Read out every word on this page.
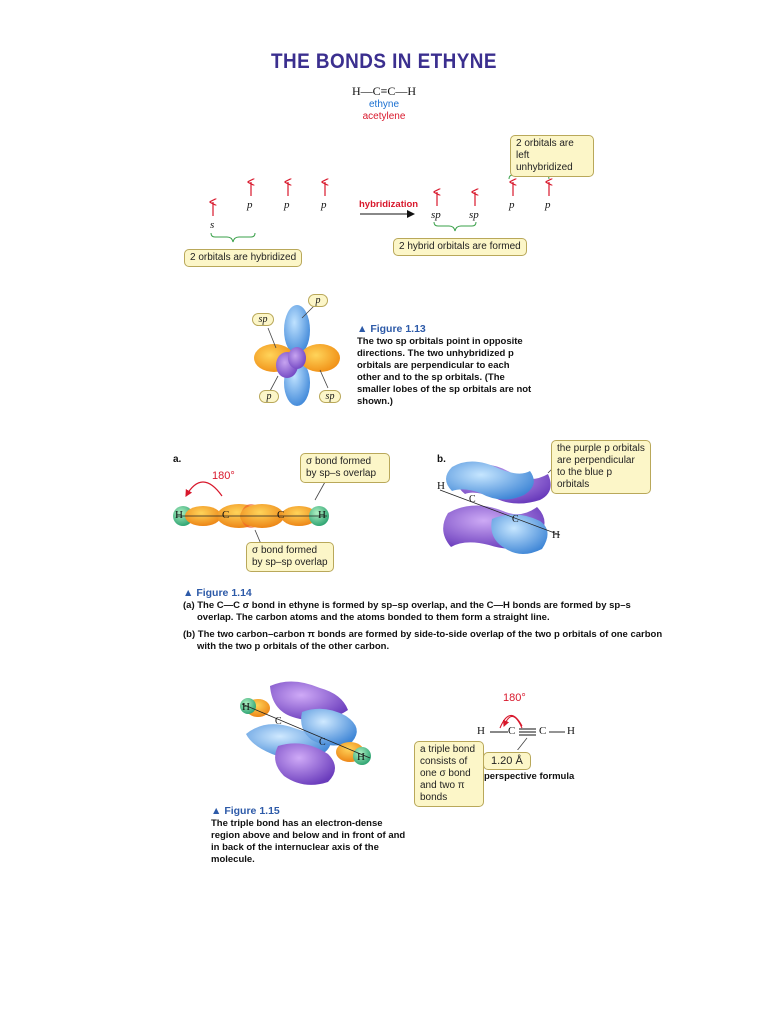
THE BONDS IN ETHYNE
H—C≡C—H
ethyne
acetylene
s
p	p	p	hybridization
sp	sp
p	p
2 orbitals are hybridized
2 hybrid orbitals are formed
2 orbitals are left unhybridized
p
sp
p	sp
▲ Figure 1.13
The two sp orbitals point in opposite directions. The two unhybridized p orbitals are perpendicular to each other and to the sp orbitals. (The smaller lobes of the sp orbitals are not shown.)
a.
180°
H	C	C	H
σ bond formed by sp–s overlap
σ bond formed by sp–sp overlap
b.
H
C
C
H
the purple p orbitals are perpendicular to the blue p orbitals
▲ Figure 1.14
(a) The C—C σ bond in ethyne is formed by sp–sp overlap, and the C—H bonds are formed by sp–s overlap. The carbon atoms and the atoms bonded to them form a straight line.
(b) The two carbon–carbon π bonds are formed by side-to-side overlap of the two p orbitals of one carbon with the two p orbitals of the other carbon.
H
C
C
H
180°
H C C H
1.20 Å
a triple bond consists of one σ bond and two π bonds
perspective formula
▲ Figure 1.15
The triple bond has an electron-dense region above and below and in front of and in back of the internuclear axis of the molecule.
